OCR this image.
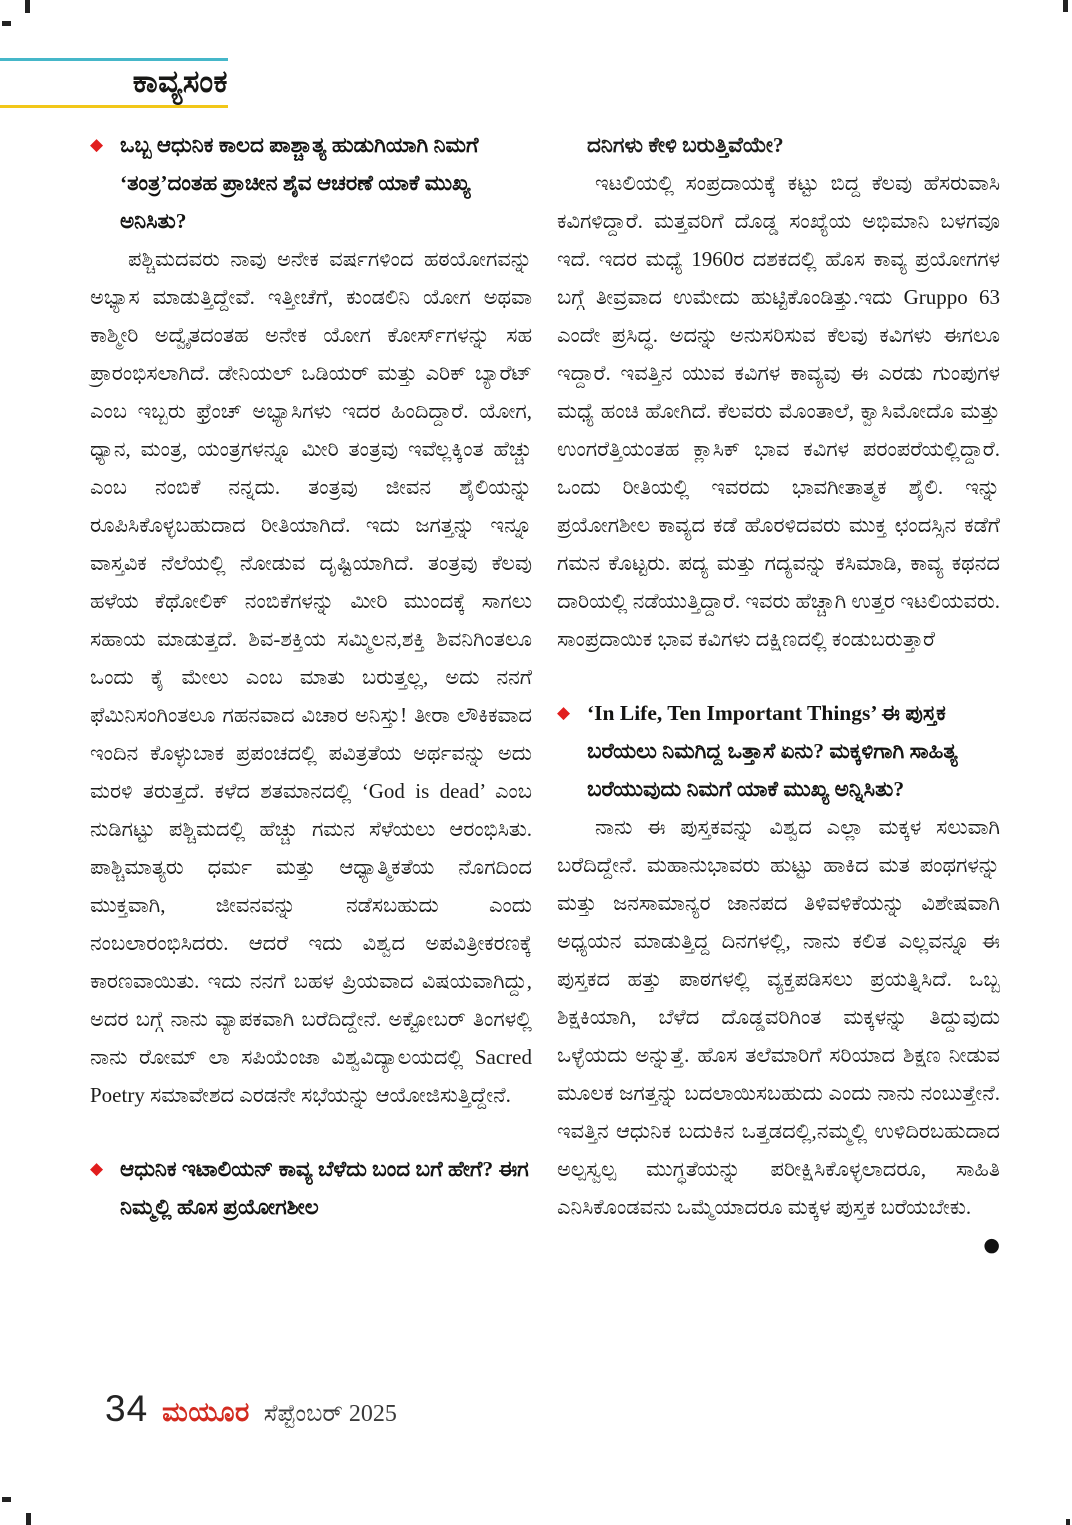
ಕಾವ್ಯಸಂಕ
◆ ಒಬ್ಬ ಆಧುನಿಕ ಕಾಲದ ಪಾಶ್ಚಾತ್ಯ ಹುಡುಗಿಯಾಗಿ ನಿಮಗೆ ‘ತಂತ್ರ’ದಂತಹ ಪ್ರಾಚೀನ ಶೈವ ಆಚರಣೆ ಯಾಕೆ ಮುಖ್ಯ ಅನಿಸಿತು?

ಪಶ್ಚಿಮದವರು ನಾವು ಅನೇಕ ವರ್ಷಗಳಿಂದ ಹಠಯೋಗವನ್ನು ಅಭ್ಯಾಸ ಮಾಡುತ್ತಿದ್ದೇವೆ. ಇತ್ತೀಚೆಗೆ, ಕುಂಡಲಿನಿ ಯೋಗ ಅಥವಾ ಕಾಶ್ಮೀರಿ ಅದ್ವೈತದಂತಹ ಅನೇಕ ಯೋಗ ಕೋರ್ಸ್‌ಗಳನ್ನು ಸಹ ಪ್ರಾರಂಭಿಸಲಾಗಿದೆ. ಡೇನಿಯಲ್ ಒಡಿಯರ್ ಮತ್ತು ಎರಿಕ್ ಬ್ಯಾರೆಟ್ ಎಂಬ ಇಬ್ಬರು ಫ್ರೆಂಚ್ ಅಭ್ಯಾಸಿಗಳು ಇದರ ಹಿಂದಿದ್ದಾರೆ. ಯೋಗ, ಧ್ಯಾನ, ಮಂತ್ರ, ಯಂತ್ರಗಳನ್ನೂ ಮೀರಿ ತಂತ್ರವು ಇವೆಲ್ಲಕ್ಕಿಂತ ಹೆಚ್ಚು ಎಂಬ ನಂಬಿಕೆ ನನ್ನದು. ತಂತ್ರವು ಜೀವನ ಶೈಲಿಯನ್ನು ರೂಪಿಸಿಕೊಳ್ಳಬಹುದಾದ ರೀತಿಯಾಗಿದೆ. ಇದು ಜಗತ್ತನ್ನು ಇನ್ನೂ ವಾಸ್ತವಿಕ ನೆಲೆಯಲ್ಲಿ ನೋಡುವ ದೃಷ್ಟಿಯಾಗಿದೆ. ತಂತ್ರವು ಕೆಲವು ಹಳೆಯ ಕೆಥೋಲಿಕ್ ನಂಬಿಕೆಗಳನ್ನು ಮೀರಿ ಮುಂದಕ್ಕೆ ಸಾಗಲು ಸಹಾಯ ಮಾಡುತ್ತದೆ. ಶಿವ-ಶಕ್ತಿಯ ಸಮ್ಮಿಲನ,ಶಕ್ತಿ ಶಿವನಿಗಿಂತಲೂ ಒಂದು ಕೈ ಮೇಲು ಎಂಬ ಮಾತು ಬರುತ್ತಲ್ಲ, ಅದು ನನಗೆ ಫೆಮಿನಿಸಂಗಿಂತಲೂ ಗಹನವಾದ ವಿಚಾರ ಅನಿಸ್ತು! ತೀರಾ ಲೌಕಿಕವಾದ ಇಂದಿನ ಕೊಳ್ಳುಬಾಕ ಪ್ರಪಂಚದಲ್ಲಿ ಪವಿತ್ರತೆಯ ಅರ್ಥವನ್ನು ಅದು ಮರಳಿ ತರುತ್ತದೆ. ಕಳೆದ ಶತಮಾನದಲ್ಲಿ ‘God is dead’ ಎಂಬ ನುಡಿಗಟ್ಟು ಪಶ್ಚಿಮದಲ್ಲಿ ಹೆಚ್ಚು ಗಮನ ಸೆಳೆಯಲು ಆರಂಭಿಸಿತು. ಪಾಶ್ಚಿಮಾತ್ಯರು ಧರ್ಮ ಮತ್ತು ಆಧ್ಯಾತ್ಮಿಕತೆಯ ನೊಗದಿಂದ ಮುಕ್ತವಾಗಿ, ಜೀವನವನ್ನು ನಡೆಸಬಹುದು ಎಂದು ನಂಬಲಾರಂಭಿಸಿದರು. ಆದರೆ ಇದು ವಿಶ್ವದ ಅಪವಿತ್ರೀಕರಣಕ್ಕೆ ಕಾರಣವಾಯಿತು. ಇದು ನನಗೆ ಬಹಳ ಪ್ರಿಯವಾದ ವಿಷಯವಾಗಿದ್ದು, ಅದರ ಬಗ್ಗೆ ನಾನು ವ್ಯಾಪಕವಾಗಿ ಬರೆದಿದ್ದೇನೆ. ಅಕ್ಟೋಬರ್ ತಿಂಗಳಲ್ಲಿ ನಾನು ರೋಮ್ ಲಾ ಸಪಿಯೆಂಜಾ ವಿಶ್ವವಿದ್ಯಾಲಯದಲ್ಲಿ Sacred Poetry ಸಮಾವೇಶದ ಎರಡನೇ ಸಭೆಯನ್ನು ಆಯೋಜಿಸುತ್ತಿದ್ದೇನೆ.

◆ ಆಧುನಿಕ ಇಟಾಲಿಯನ್ ಕಾವ್ಯ ಬೆಳೆದು ಬಂದ ಬಗೆ ಹೇಗೆ? ಈಗ ನಿಮ್ಮಲ್ಲಿ ಹೊಸ ಪ್ರಯೋಗಶೀಲ
ದನಿಗಳು ಕೇಳಿ ಬರುತ್ತಿವೆಯೇ?

ಇಟಲಿಯಲ್ಲಿ ಸಂಪ್ರದಾಯಕ್ಕೆ ಕಟ್ಟು ಬಿದ್ದ ಕೆಲವು ಹೆಸರುವಾಸಿ ಕವಿಗಳಿದ್ದಾರೆ. ಮತ್ತವರಿಗೆ ದೊಡ್ಡ ಸಂಖ್ಯೆಯ ಅಭಿಮಾನಿ ಬಳಗವೂ ಇದೆ. ಇದರ ಮಧ್ಯೆ 1960ರ ದಶಕದಲ್ಲಿ ಹೊಸ ಕಾವ್ಯ ಪ್ರಯೋಗಗಳ ಬಗ್ಗೆ ತೀವ್ರವಾದ ಉಮೇದು ಹುಟ್ಟಿಕೊಂಡಿತ್ತು.ಇದು Gruppo 63 ಎಂದೇ ಪ್ರಸಿದ್ಧ. ಅದನ್ನು ಅನುಸರಿಸುವ ಕೆಲವು ಕವಿಗಳು ಈಗಲೂ ಇದ್ದಾರೆ. ಇವತ್ತಿನ ಯುವ ಕವಿಗಳ ಕಾವ್ಯವು ಈ ಎರಡು ಗುಂಪುಗಳ ಮಧ್ಯೆ ಹಂಚಿ ಹೋಗಿದೆ. ಕೆಲವರು ಮೊಂತಾಲೆ, ಕ್ವಾಸಿಮೋದೊ ಮತ್ತು ಉಂಗರೆತ್ತಿಯಂತಹ ಕ್ಲಾಸಿಕ್ ಭಾವ ಕವಿಗಳ ಪರಂಪರೆಯಲ್ಲಿದ್ದಾರೆ. ಒಂದು ರೀತಿಯಲ್ಲಿ ಇವರದು ಭಾವಗೀತಾತ್ಮಕ ಶೈಲಿ. ಇನ್ನು ಪ್ರಯೋಗಶೀಲ ಕಾವ್ಯದ ಕಡೆ ಹೊರಳಿದವರು ಮುಕ್ತ ಛಂದಸ್ಸಿನ ಕಡೆಗೆ ಗಮನ ಕೊಟ್ಟರು. ಪದ್ಯ ಮತ್ತು ಗದ್ಯವನ್ನು ಕಸಿಮಾಡಿ, ಕಾವ್ಯ ಕಥನದ ದಾರಿಯಲ್ಲಿ ನಡೆಯುತ್ತಿದ್ದಾರೆ. ಇವರು ಹೆಚ್ಚಾಗಿ ಉತ್ತರ ಇಟಲಿಯವರು. ಸಾಂಪ್ರದಾಯಿಕ ಭಾವ ಕವಿಗಳು ದಕ್ಷಿಣದಲ್ಲಿ ಕಂಡುಬರುತ್ತಾರೆ

◆ ‘In Life, Ten Important Things’ ಈ ಪುಸ್ತಕ ಬರೆಯಲು ನಿಮಗಿದ್ದ ಒತ್ತಾಸೆ ಏನು? ಮಕ್ಕಳಿಗಾಗಿ ಸಾಹಿತ್ಯ ಬರೆಯುವುದು ನಿಮಗೆ ಯಾಕೆ ಮುಖ್ಯ ಅನ್ನಿಸಿತು?

ನಾನು ಈ ಪುಸ್ತಕವನ್ನು ವಿಶ್ವದ ಎಲ್ಲಾ ಮಕ್ಕಳ ಸಲುವಾಗಿ ಬರೆದಿದ್ದೇನೆ. ಮಹಾನುಭಾವರು ಹುಟ್ಟು ಹಾಕಿದ ಮತ ಪಂಥಗಳನ್ನು ಮತ್ತು ಜನಸಾಮಾನ್ಯರ ಜಾನಪದ ತಿಳಿವಳಿಕೆಯನ್ನು ವಿಶೇಷವಾಗಿ ಅಧ್ಯಯನ ಮಾಡುತ್ತಿದ್ದ ದಿನಗಳಲ್ಲಿ, ನಾನು ಕಲಿತ ಎಲ್ಲವನ್ನೂ ಈ ಪುಸ್ತಕದ ಹತ್ತು ಪಾಠಗಳಲ್ಲಿ ವ್ಯಕ್ತಪಡಿಸಲು ಪ್ರಯತ್ನಿಸಿದೆ. ಒಬ್ಬ ಶಿಕ್ಷಕಿಯಾಗಿ, ಬೆಳೆದ ದೊಡ್ಡವರಿಗಿಂತ ಮಕ್ಕಳನ್ನು ತಿದ್ದುವುದು ಒಳ್ಳೆಯದು ಅನ್ನುತ್ತೆ. ಹೊಸ ತಲೆಮಾರಿಗೆ ಸರಿಯಾದ ಶಿಕ್ಷಣ ನೀಡುವ ಮೂಲಕ ಜಗತ್ತನ್ನು ಬದಲಾಯಿಸಬಹುದು ಎಂದು ನಾನು ನಂಬುತ್ತೇನೆ. ಇವತ್ತಿನ ಆಧುನಿಕ ಬದುಕಿನ ಒತ್ತಡದಲ್ಲಿ,ನಮ್ಮಲ್ಲಿ ಉಳಿದಿರಬಹುದಾದ ಅಲ್ಪಸ್ವಲ್ಪ ಮುಗ್ಧತೆಯನ್ನು ಪರೀಕ್ಷಿಸಿಕೊಳ್ಳಲಾದರೂ, ಸಾಹಿತಿ ಎನಿಸಿಕೊಂಡವನು ಒಮ್ಮೆಯಾದರೂ ಮಕ್ಕಳ ಪುಸ್ತಕ ಬರೆಯಬೇಕು.
●

34 ಮಯೂರ ಸೆಪ್ಟೆಂಬರ್ 2025
